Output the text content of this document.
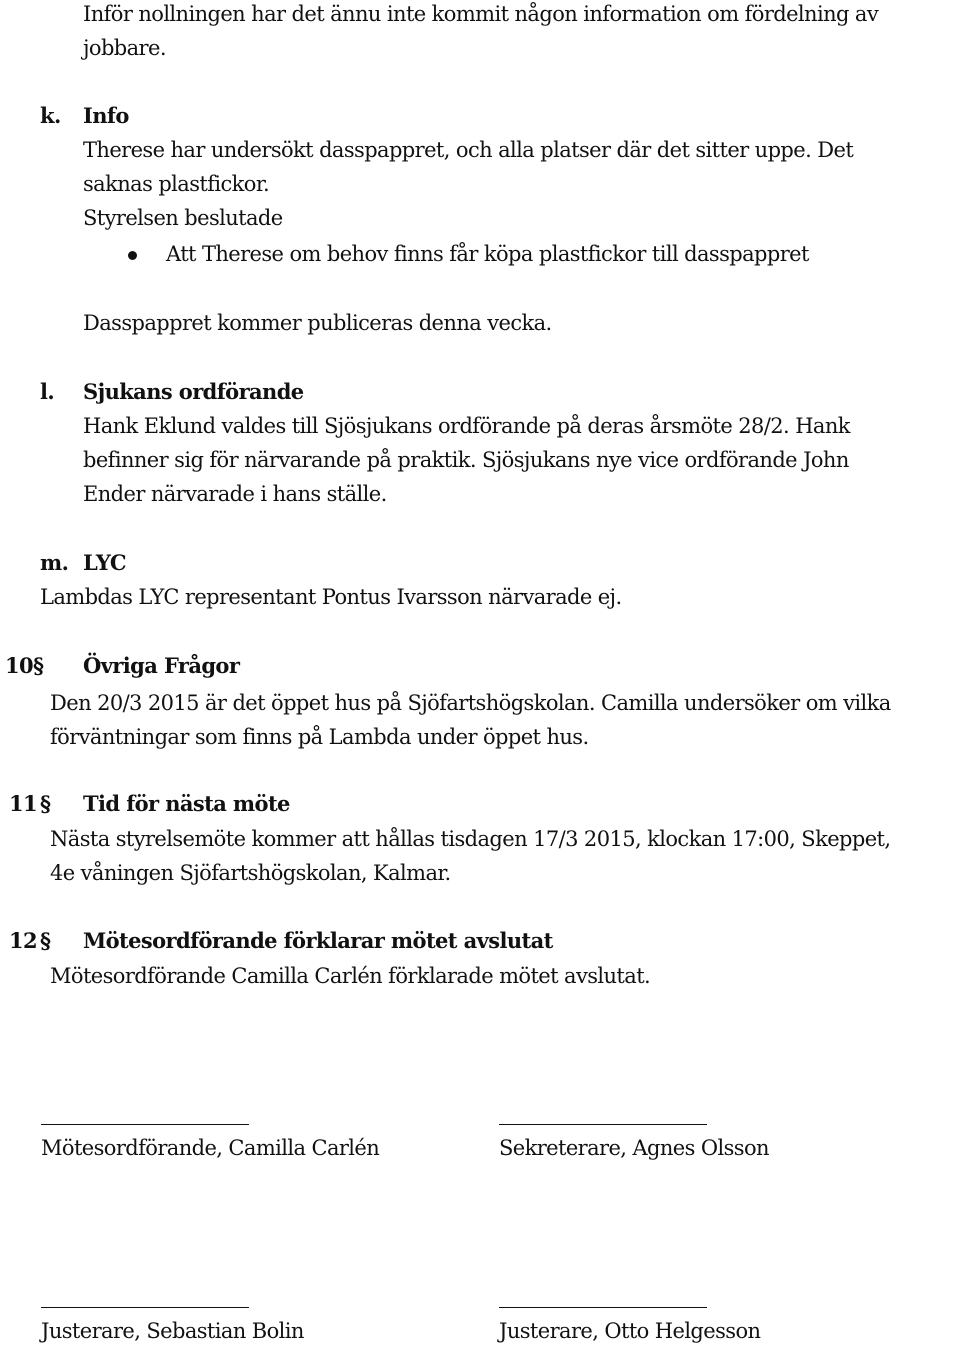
Inför nollningen har det ännu inte kommit någon information om fördelning av
jobbare.
k. Info
Therese har undersökt dasspappret, och alla platser där det sitter uppe. Det
saknas plastfickor.
Styrelsen beslutade
Att Therese om behov finns får köpa plastfickor till dasspappret
Dasspappret kommer publiceras denna vecka.
l. Sjukans ordförande
Hank Eklund valdes till Sjösjukans ordförande på deras årsmöte 28/2. Hank
befinner sig för närvarande på praktik. Sjösjukans nye vice ordförande John
Ender närvarade i hans ställe.
m. LYC
Lambdas LYC representant Pontus Ivarsson närvarade ej.
10 § Övriga Frågor
Den 20/3 2015 är det öppet hus på Sjöfartshögskolan. Camilla undersöker om vilka
förväntningar som finns på Lambda under öppet hus.
11 § Tid för nästa möte
Nästa styrelsemöte kommer att hållas tisdagen 17/3 2015, klockan 17:00, Skeppet,
4e våningen Sjöfartshögskolan, Kalmar.
12 § Mötesordförande förklarar mötet avslutat
Mötesordförande Camilla Carlén förklarade mötet avslutat.
Mötesordförande, Camilla Carlén	Sekreterare, Agnes Olsson
Justerare, Sebastian Bolin	Justerare, Otto Helgesson
